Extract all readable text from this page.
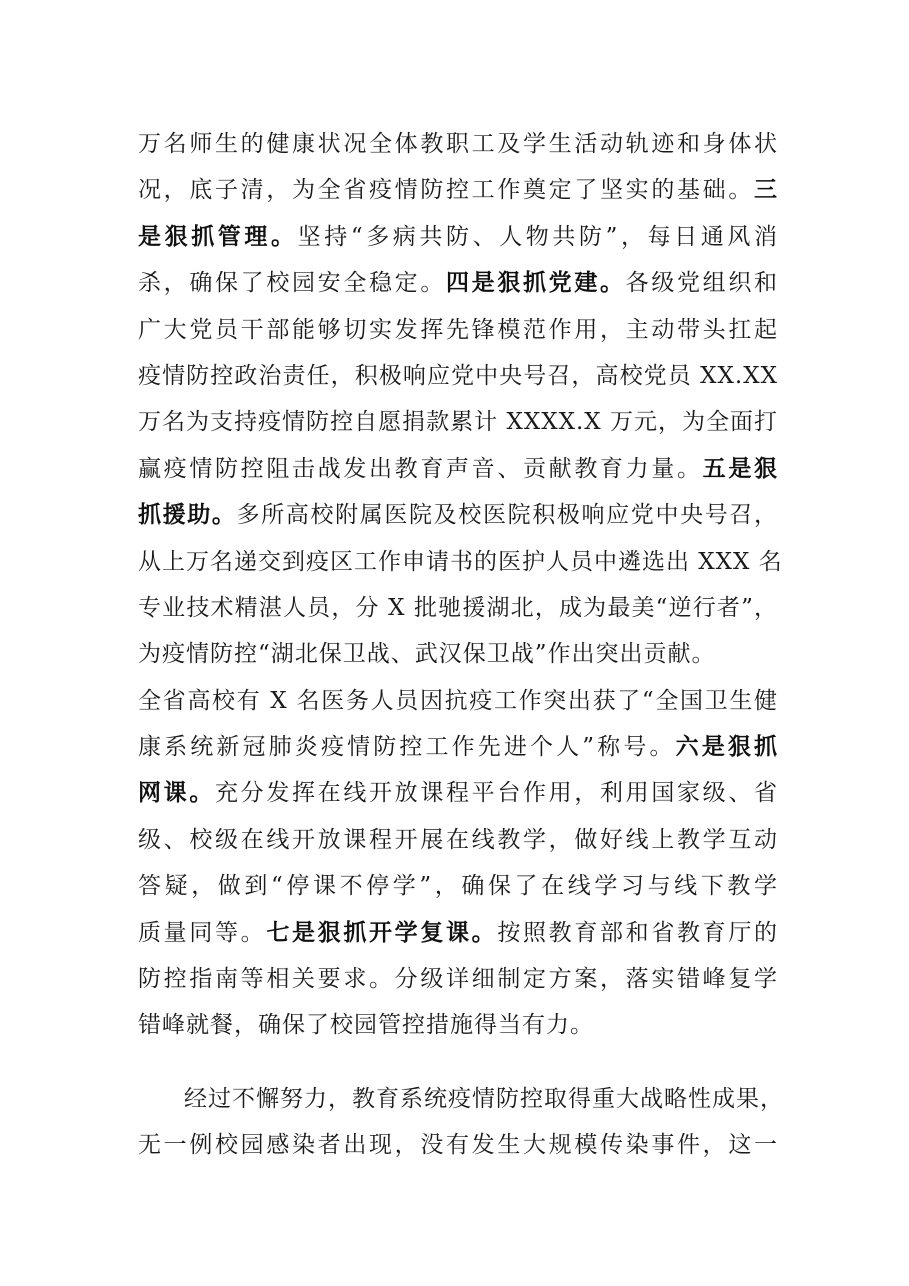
万名师生的健康状况全体教职工及学生活动轨迹和身体状
况，底子清，为全省疫情防控工作奠定了坚实的基础。三
是狠抓管理。坚持“多病共防、人物共防”，每日通风消
杀，确保了校园安全稳定。四是狠抓党建。各级党组织和
广大党员干部能够切实发挥先锋模范作用，主动带头扛起
疫情防控政治责任，积极响应党中央号召，高校党员 XX.XX
万名为支持疫情防控自愿捐款累计 XXXX.X 万元，为全面打
赢疫情防控阻击战发出教育声音、贡献教育力量。五是狠
抓援助。多所高校附属医院及校医院积极响应党中央号召，
从上万名递交到疫区工作申请书的医护人员中遴选出 XXX 名
专业技术精湛人员，分 X 批驰援湖北，成为最美“逆行者”，
为疫情防控“湖北保卫战、武汉保卫战”作出突出贡献。
全省高校有 X 名医务人员因抗疫工作突出获了“全国卫生健
康系统新冠肺炎疫情防控工作先进个人”称号。六是狠抓
网课。充分发挥在线开放课程平台作用，利用国家级、省
级、校级在线开放课程开展在线教学，做好线上教学互动
答疑，做到“停课不停学”，确保了在线学习与线下教学
质量同等。七是狠抓开学复课。按照教育部和省教育厅的
防控指南等相关要求。分级详细制定方案，落实错峰复学
错峰就餐，确保了校园管控措施得当有力。
经过不懈努力，教育系统疫情防控取得重大战略性成果，
无一例校园感染者出现，没有发生大规模传染事件，这一
